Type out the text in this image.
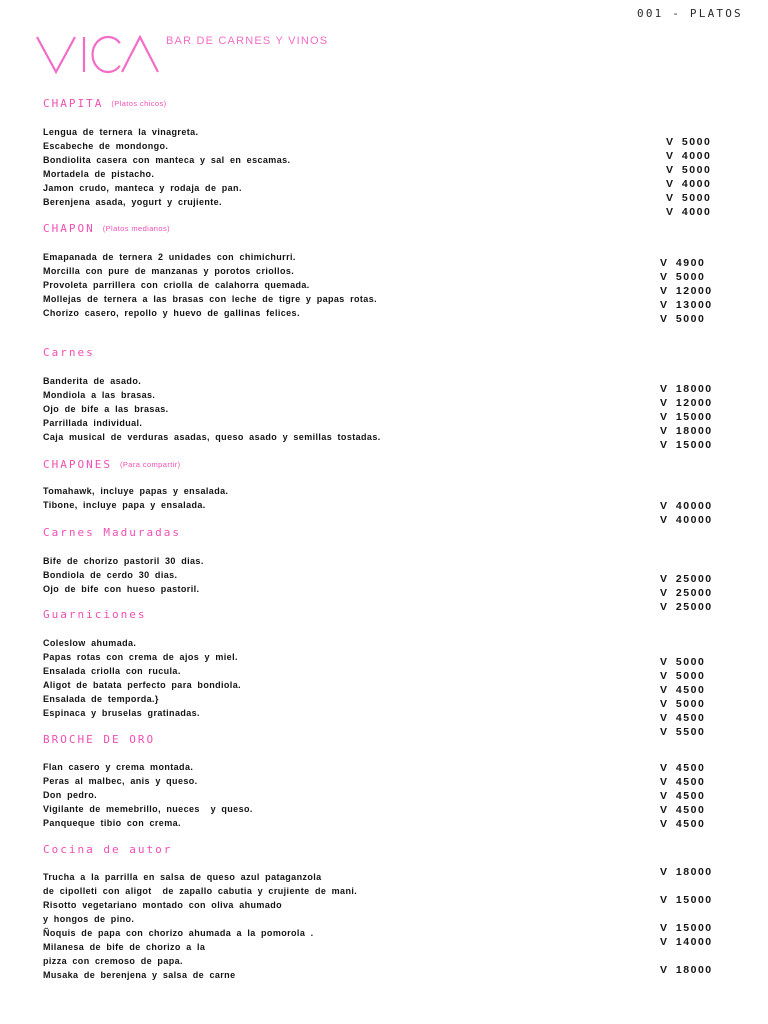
001 - PLATOS
BAR DE CARNES Y VINOS
CHAPITA (Platos chicos)
Lengua de ternera la vinagreta.
Escabeche de mondongo.
Bondiolita casera con manteca y sal en escamas.
Mortadela de pistacho.
Jamon crudo, manteca y rodaja de pan.
Berenjena asada, yogurt y crujiente.
V 5000
V 4000
V 5000
V 4000
V 5000
V 4000
CHAPON (Platos medianos)
Emapanada de ternera 2 unidades con chimichurri.
Morcilla con pure de manzanas y porotos criollos.
Provoleta parrillera con criolla de calahorra quemada.
Mollejas de ternera a las brasas con leche de tigre y papas rotas.
Chorizo casero, repollo y huevo de gallinas felices.
V 4900
V 5000
V 12000
V 13000
V 5000
Carnes
Banderita de asado.
Mondiola a las brasas.
Ojo de bife a las brasas.
Parrillada individual.
Caja musical de verduras asadas, queso asado y semillas tostadas.
V 18000
V 12000
V 15000
V 18000
V 15000
CHAPONES (Para compartir)
Tomahawk, incluye papas y ensalada.
Tibone, incluye papa y ensalada.	V 40000
V 40000
Carnes Maduradas
Bife de chorizo pastoril 30 dias.
Bondiola de cerdo 30 dias.
Ojo de bife con hueso pastoril.
V 25000
V 25000
V 25000
Guarniciones
Coleslow ahumada.
Papas rotas con crema de ajos y miel.
Ensalada criolla con rucula.
Aligot de batata perfecto para bondiola.
Ensalada de temporda.}
Espinaca y bruselas gratinadas.
V 5000
V 5000
V 4500
V 5000
V 4500
V 5500
BROCHE DE ORO
Flan casero y crema montada.
Peras al malbec, anis y queso.
Don pedro.
Vigilante de memebrillo, nueces  y queso.
Panqueque tibio con crema.
V 4500
V 4500
V 4500
V 4500
V 4500
Cocina de autor
Trucha a la parrilla en salsa de queso azul pataganzola
de cipolleti con aligot  de zapallo cabutia y crujiente de mani.
Risotto vegetariano montado con oliva ahumado
y hongos de pino.
Ñoquis de papa con chorizo ahumada a la pomorola .
Milanesa de bife de chorizo a la
pizza con cremoso de papa.
Musaka de berenjena y salsa de carne
V 18000
V 15000
V 15000
V 14000
V 18000
